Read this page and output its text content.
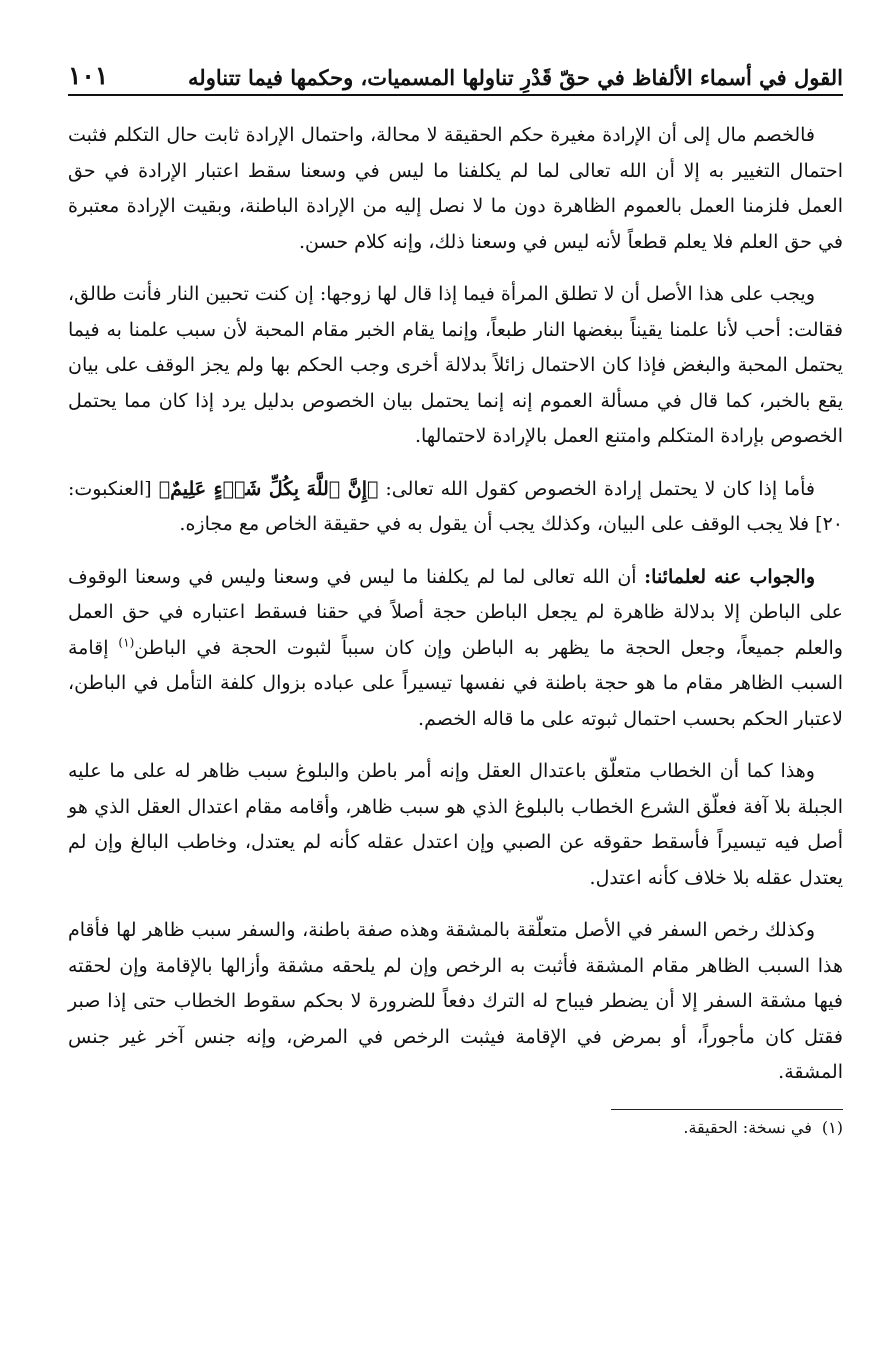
القول في أسماء الألفاظ في حقّ قَدْرِ تناولها المسميات، وحكمها فيما تتناوله
١٠١

فالخصم مال إلى أن الإرادة مغيرة حكم الحقيقة لا محالة، واحتمال الإرادة ثابت حال التكلم فثبت احتمال التغيير به إلا أن الله تعالى لما لم يكلفنا ما ليس في وسعنا سقط اعتبار الإرادة في حق العمل فلزمنا العمل بالعموم الظاهرة دون ما لا نصل إليه من الإرادة الباطنة، وبقيت الإرادة معتبرة في حق العلم فلا يعلم قطعاً لأنه ليس في وسعنا ذلك، وإنه كلام حسن.

ويجب على هذا الأصل أن لا تطلق المرأة فيما إذا قال لها زوجها: إن كنت تحبين النار فأنت طالق، فقالت: أحب لأنا علمنا يقيناً ببغضها النار طبعاً، وإنما يقام الخبر مقام المحبة لأن سبب علمنا به فيما يحتمل المحبة والبغض فإذا كان الاحتمال زائلاً بدلالة أخرى وجب الحكم بها ولم يجز الوقف على بيان يقع بالخبر، كما قال في مسألة العموم إنه إنما يحتمل بيان الخصوص بدليل يرد إذا كان مما يحتمل الخصوص بإرادة المتكلم وامتنع العمل بالإرادة لاحتمالها.

فأما إذا كان لا يحتمل إرادة الخصوص كقول الله تعالى: ﴿إِنَّ ٱللَّهَ بِكُلِّ شَيۡءٍ عَلِيمٌ﴾ [العنكبوت: ٢٠] فلا يجب الوقف على البيان، وكذلك يجب أن يقول به في حقيقة الخاص مع مجازه.

والجواب عنه لعلمائنا: أن الله تعالى لما لم يكلفنا ما ليس في وسعنا وليس في وسعنا الوقوف على الباطن إلا بدلالة ظاهرة لم يجعل الباطن حجة أصلاً في حقنا فسقط اعتباره في حق العمل والعلم جميعاً، وجعل الحجة ما يظهر به الباطن وإن كان سبباً لثبوت الحجة في الباطن$^{(١)}$ إقامة السبب الظاهر مقام ما هو حجة باطنة في نفسها تيسيراً على عباده بزوال كلفة التأمل في الباطن، لاعتبار الحكم بحسب احتمال ثبوته على ما قاله الخصم.

وهذا كما أن الخطاب متعلّق باعتدال العقل وإنه أمر باطن والبلوغ سبب ظاهر له على ما عليه الجبلة بلا آفة فعلّق الشرع الخطاب بالبلوغ الذي هو سبب ظاهر، وأقامه مقام اعتدال العقل الذي هو أصل فيه تيسيراً فأسقط حقوقه عن الصبي وإن اعتدل عقله كأنه لم يعتدل، وخاطب البالغ وإن لم يعتدل عقله بلا خلاف كأنه اعتدل.

وكذلك رخص السفر في الأصل متعلّقة بالمشقة وهذه صفة باطنة، والسفر سبب ظاهر لها فأقام هذا السبب الظاهر مقام المشقة فأثبت به الرخص وإن لم يلحقه مشقة وأزالها بالإقامة وإن لحقته فيها مشقة السفر إلا أن يضطر فيباح له الترك دفعاً للضرورة لا بحكم سقوط الخطاب حتى إذا صبر فقتل كان مأجوراً، أو بمرض في الإقامة فيثبت الرخص في المرض، وإنه جنس آخر غير جنس المشقة.

(١)في نسخة: الحقيقة.
